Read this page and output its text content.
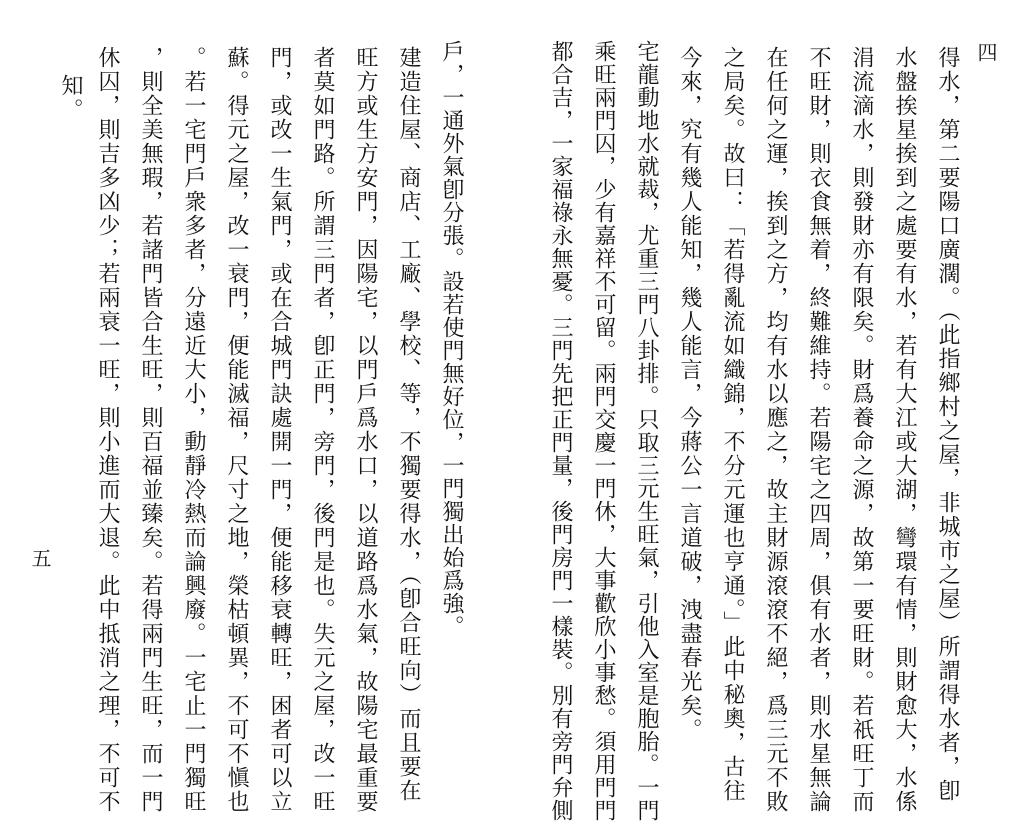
四
得水，第二要陽口廣濶。（此指鄉村之屋，非城市之屋）所謂得水者，卽
水盤挨星挨到之處要有水，若有大江或大湖，彎環有情，則財愈大，水係
涓流滴水，則發財亦有限矣。財爲養命之源，故第一要旺財。若祇旺丁而
不旺財，則衣食無着，終難維持。若陽宅之四周，俱有水者，則水星無論
在任何之運，挨到之方，均有水以應之，故主財源滾滾不絕，爲三元不敗
之局矣。故曰：「若得亂流如織錦，不分元運也亨通。」此中秘奧，古往
今來，究有幾人能知，幾人能言，今蔣公一言道破，洩盡春光矣。
宅龍動地水就裁，尤重三門八卦排。只取三元生旺氣，引他入室是胞胎。一門
乘旺兩門囚，少有嘉祥不可留。兩門交慶一門休，大事歡欣小事愁。須用門門
都合吉，一家福祿永無憂。三門先把正門量，後門房門一樣裝。別有旁門弁側
戶，一通外氣卽分張。設若使門無好位，一門獨出始爲強。
建造住屋、商店、工廠、學校、等，不獨要得水，（卽合旺向）而且要在
旺方或生方安門，因陽宅，以門戶爲水口，以道路爲水氣，故陽宅最重要
者莫如門路。所謂三門者，卽正門，旁門，後門是也。失元之屋，改一旺
門，或改一生氣門，或在合城門訣處開一門，便能移衰轉旺，困者可以立
蘇。得元之屋，改一衰門，便能滅福，尺寸之地，榮枯頓異，不可不愼也
。若一宅門戶衆多者，分遠近大小，動靜冷熱而論興廢。一宅止一門獨旺
，則全美無瑕，若諸門皆合生旺，則百福並臻矣。若得兩門生旺，而一門
休囚，則吉多凶少；若兩衰一旺，則小進而大退。此中抵消之理，不可不
知。
五
